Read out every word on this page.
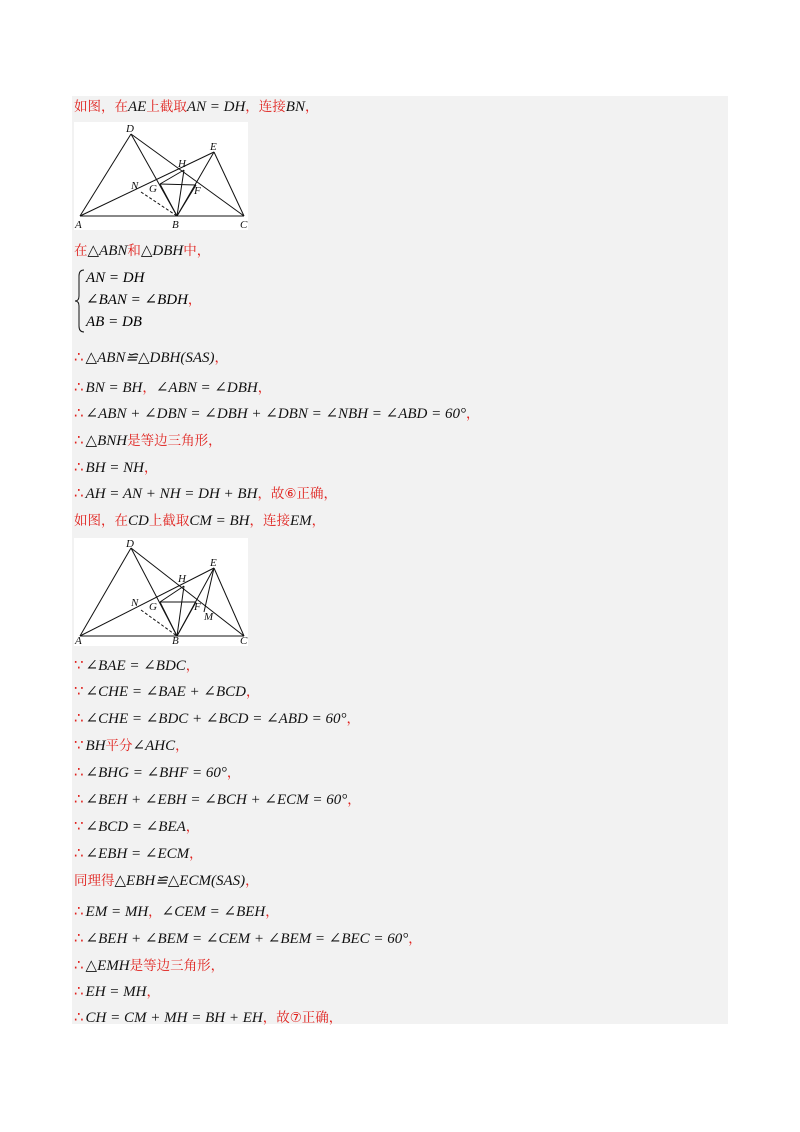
如图，在AE上截取AN = DH，连接BN，
D
E
H
N G	F
A	B	C
在△ABN和△DBH中，
AN = DH
∠BAN = ∠BDH，
AB = DB
∴ △ABN≌△DBH(SAS)，
∴ BN = BH，∠ABN = ∠DBH，
∴ ∠ABN + ∠DBN = ∠DBH + ∠DBN = ∠NBH = ∠ABD = 60°，
∴ △BNH是等边三角形，
∴ BH = NH，
∴ AH = AN + NH = DH + BH，故⑥正确，
如图，在CD上截取CM = BH，连接EM，
D
E
H
N G	F
M
A	B	C
∵ ∠BAE = ∠BDC，
∵ ∠CHE = ∠BAE + ∠BCD，
∴ ∠CHE = ∠BDC + ∠BCD = ∠ABD = 60°，
∵ BH平分∠AHC，
∴ ∠BHG = ∠BHF = 60°，
∴ ∠BEH + ∠EBH = ∠BCH + ∠ECM = 60°，
∵ ∠BCD = ∠BEA，
∴ ∠EBH = ∠ECM，
同理得△EBH≌△ECM(SAS)，
∴ EM = MH，∠CEM = ∠BEH，
∴ ∠BEH + ∠BEM = ∠CEM + ∠BEM = ∠BEC = 60°，
∴ △EMH是等边三角形，
∴ EH = MH，
∴ CH = CM + MH = BH + EH，故⑦正确，
